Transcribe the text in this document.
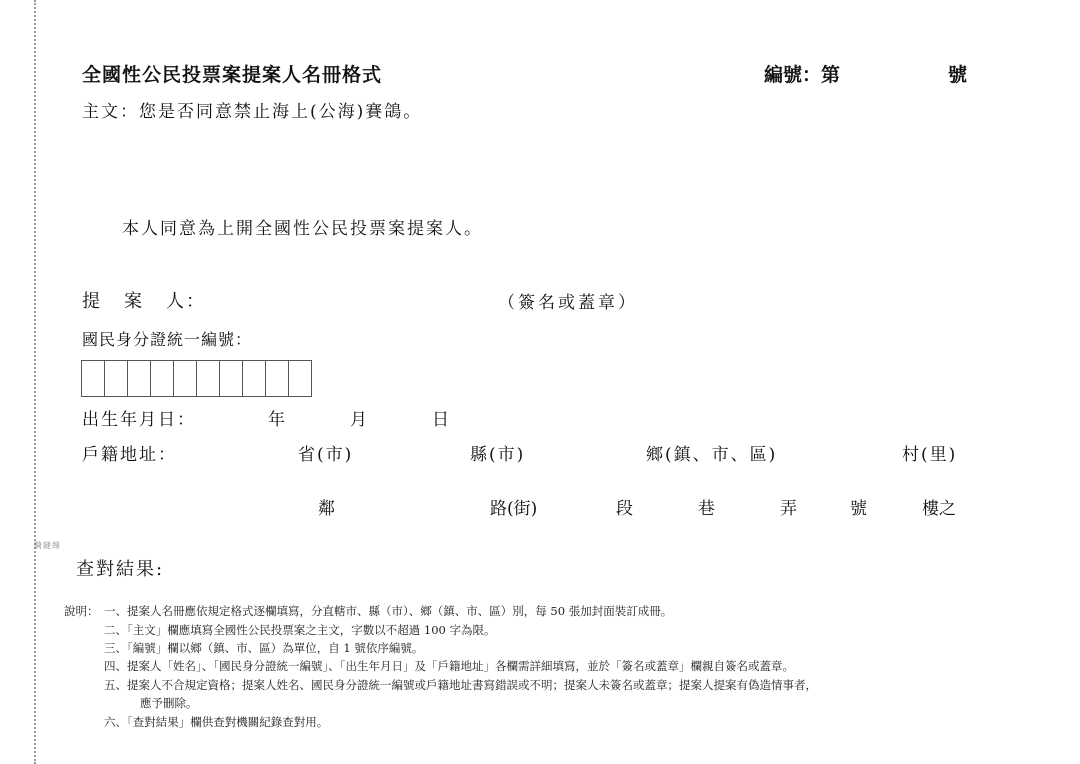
騎縫線
全國性公民投票案提案人名冊格式	編號：第	號
主文：您是否同意禁止海上(公海)賽鴿。
本人同意為上開全國性公民投票案提案人。
提 案 人：	（簽名或蓋章）
國民身分證統一編號：
出生年月日：	年	月	日
戶籍地址：	省(市)	縣(市)	鄉(鎮、市、區)	村(里)
鄰	路(街)	段	巷	弄	號	樓之
查對結果:
說明： 一、提案人名冊應依規定格式逐欄填寫，分直轄市、縣（市）、鄉（鎮、市、區）別，每 50 張加封面裝訂成冊。
二、「主文」欄應填寫全國性公民投票案之主文，字數以不超過 100 字為限。
三、「編號」欄以鄉（鎮、市、區）為單位，自 1 號依序編號。
四、提案人「姓名」、「國民身分證統一編號」、「出生年月日」及「戶籍地址」各欄需詳細填寫，並於「簽名或蓋章」欄親自簽名或蓋章。
五、提案人不合規定資格；提案人姓名、國民身分證統一編號或戶籍地址書寫錯誤或不明；提案人未簽名或蓋章；提案人提案有偽造情事者，
應予刪除。
六、「查對結果」欄供查對機關紀錄查對用。
